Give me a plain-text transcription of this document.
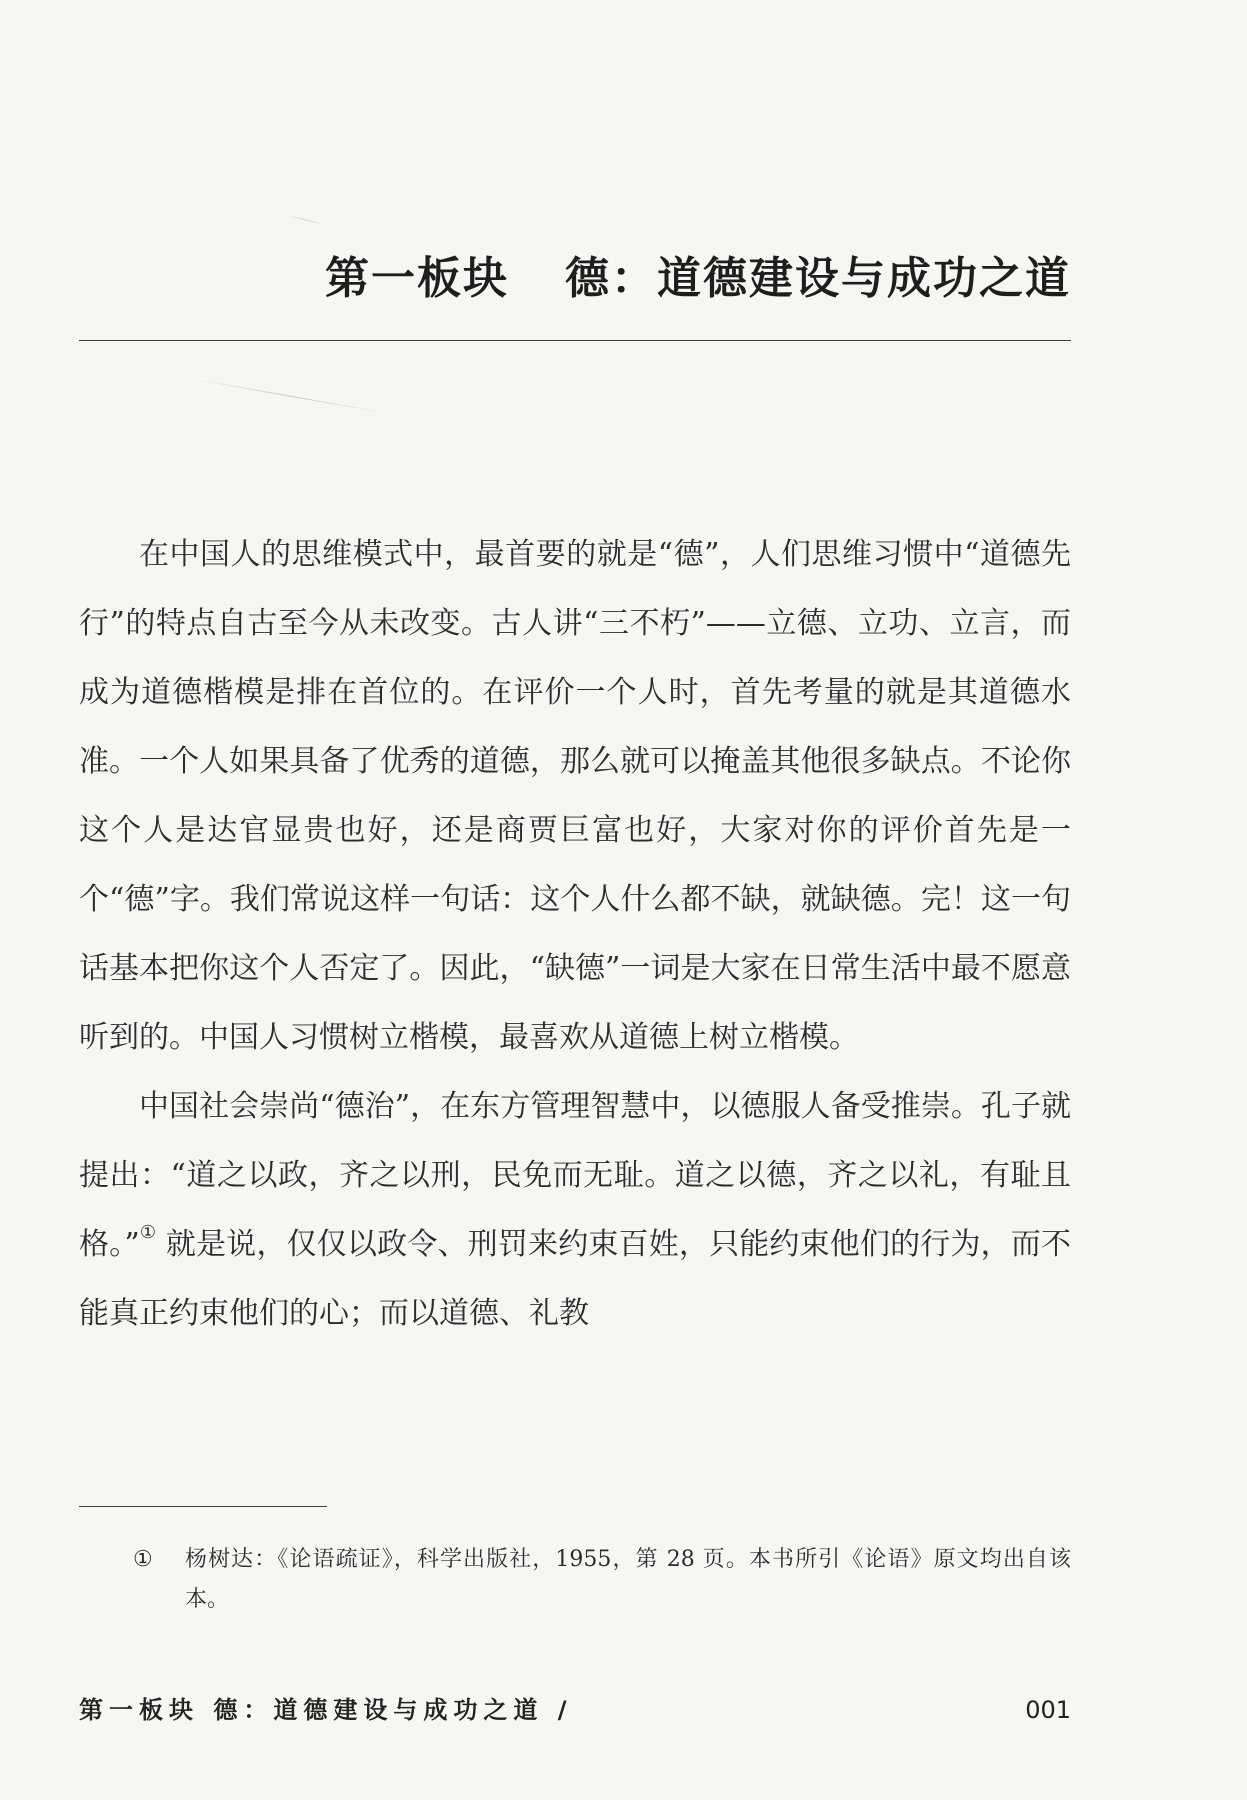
第一板块 德：道德建设与成功之道

在中国人的思维模式中，最首要的就是“德”，人们思维习惯中“道德先行”的特点自古至今从未改变。古人讲“三不朽”——立德、立功、立言，而成为道德楷模是排在首位的。在评价一个人时，首先考量的就是其道德水准。一个人如果具备了优秀的道德，那么就可以掩盖其他很多缺点。不论你这个人是达官显贵也好，还是商贾巨富也好，大家对你的评价首先是一个“德”字。我们常说这样一句话：这个人什么都不缺，就缺德。完！这一句话基本把你这个人否定了。因此，“缺德”一词是大家在日常生活中最不愿意听到的。中国人习惯树立楷模，最喜欢从道德上树立楷模。

中国社会崇尚“德治”，在东方管理智慧中，以德服人备受推崇。孔子就提出：“道之以政，齐之以刑，民免而无耻。道之以德，齐之以礼，有耻且格。”① 就是说，仅仅以政令、刑罚来约束百姓，只能约束他们的行为，而不能真正约束他们的心；而以道德、礼教

①	杨树达：《论语疏证》，科学出版社，1955，第 28 页。本书所引《论语》原文均出自该本。
第一板块 德：道德建设与成功之道 /	001
